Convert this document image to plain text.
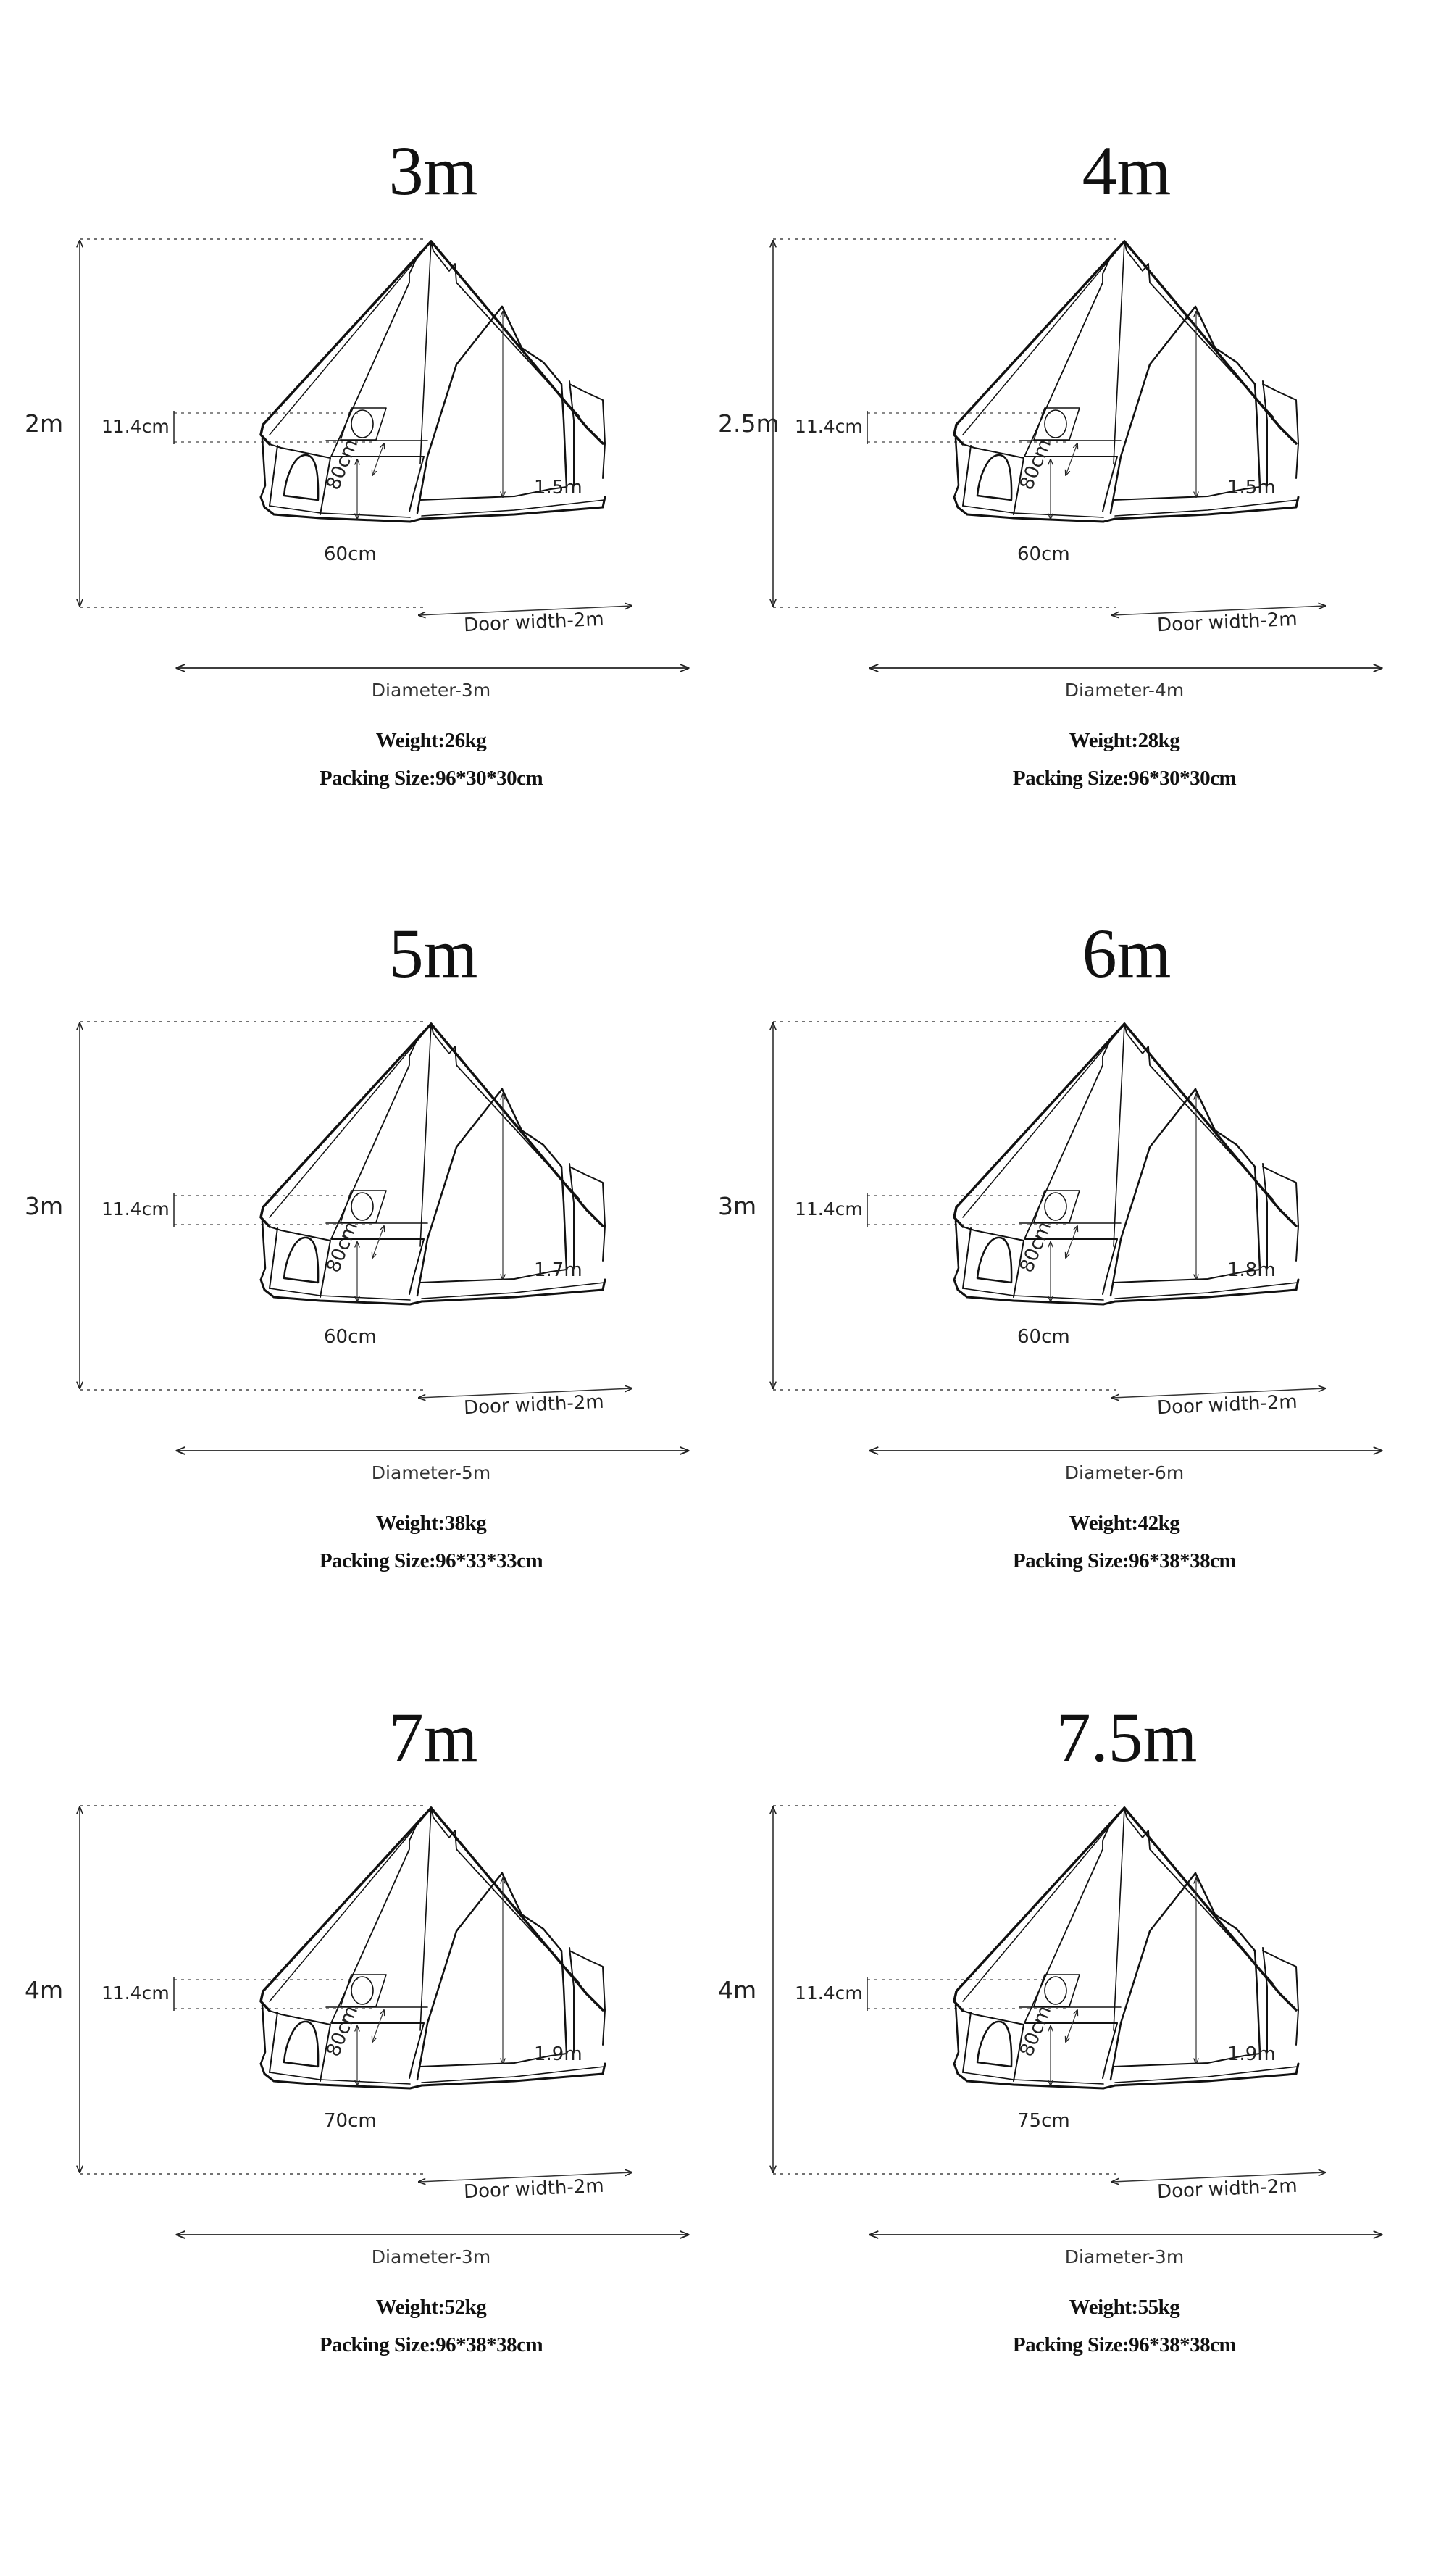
3m
2m 11.4cm
80cm
60cm
1.5m
Door width-2m
Diameter-3m
Weight:26kg
Packing Size:96*30*30cm
4m
2.5m 11.4cm
80cm
60cm
1.5m
Door width-2m
Diameter-4m
Weight:28kg
Packing Size:96*30*30cm
5m
3m 11.4cm
80cm
60cm
1.7m
Door width-2m
Diameter-5m
Weight:38kg
Packing Size:96*33*33cm
6m
3m 11.4cm
80cm
60cm
1.8m
Door width-2m
Diameter-6m
Weight:42kg
Packing Size:96*38*38cm
7m
4m 11.4cm
80cm
70cm
1.9m
Door width-2m
Diameter-3m
Weight:52kg
Packing Size:96*38*38cm
7.5m
4m 11.4cm
80cm
75cm
1.9m
Door width-2m
Diameter-3m
Weight:55kg
Packing Size:96*38*38cm
